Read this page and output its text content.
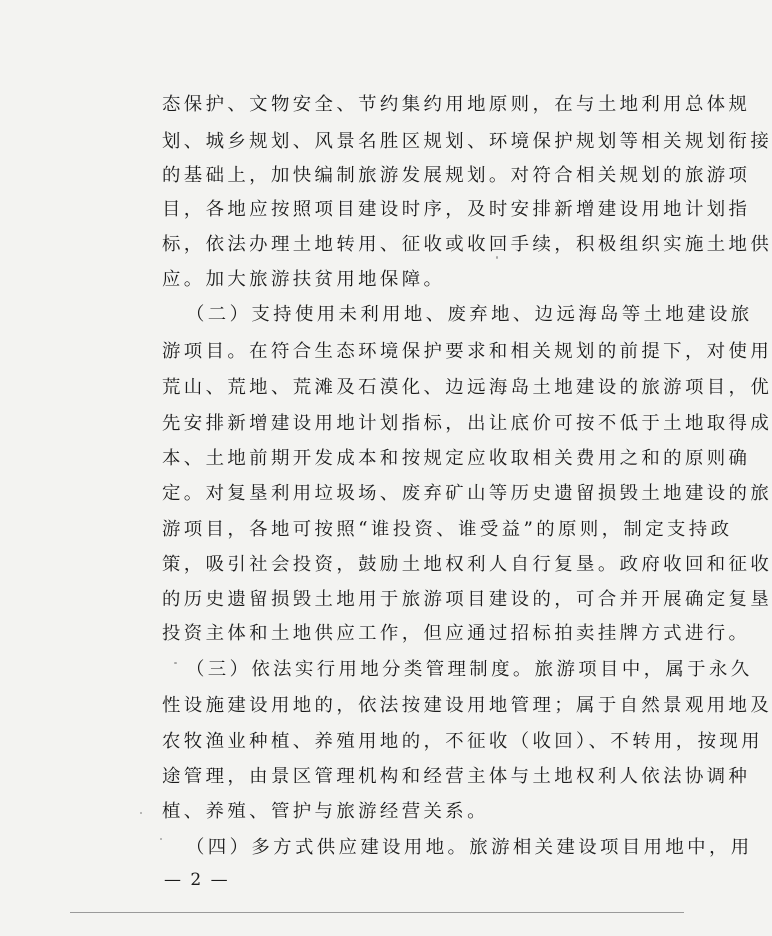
态保护、文物安全、节约集约用地原则，在与土地利用总体规
划、城乡规划、风景名胜区规划、环境保护规划等相关规划衔接
的基础上，加快编制旅游发展规划。对符合相关规划的旅游项
目，各地应按照项目建设时序，及时安排新增建设用地计划指
标，依法办理土地转用、征收或收回手续，积极组织实施土地供
应。加大旅游扶贫用地保障。
（二）支持使用未利用地、废弃地、边远海岛等土地建设旅
游项目。在符合生态环境保护要求和相关规划的前提下，对使用
荒山、荒地、荒滩及石漠化、边远海岛土地建设的旅游项目，优
先安排新增建设用地计划指标，出让底价可按不低于土地取得成
本、土地前期开发成本和按规定应收取相关费用之和的原则确
定。对复垦利用垃圾场、废弃矿山等历史遗留损毁土地建设的旅
游项目，各地可按照“谁投资、谁受益”的原则，制定支持政
策，吸引社会投资，鼓励土地权利人自行复垦。政府收回和征收
的历史遗留损毁土地用于旅游项目建设的，可合并开展确定复垦
投资主体和土地供应工作，但应通过招标拍卖挂牌方式进行。
（三）依法实行用地分类管理制度。旅游项目中，属于永久
性设施建设用地的，依法按建设用地管理；属于自然景观用地及
农牧渔业种植、养殖用地的，不征收（收回）、不转用，按现用
途管理，由景区管理机构和经营主体与土地权利人依法协调种
植、养殖、管护与旅游经营关系。
（四）多方式供应建设用地。旅游相关建设项目用地中，用
— 2 —
